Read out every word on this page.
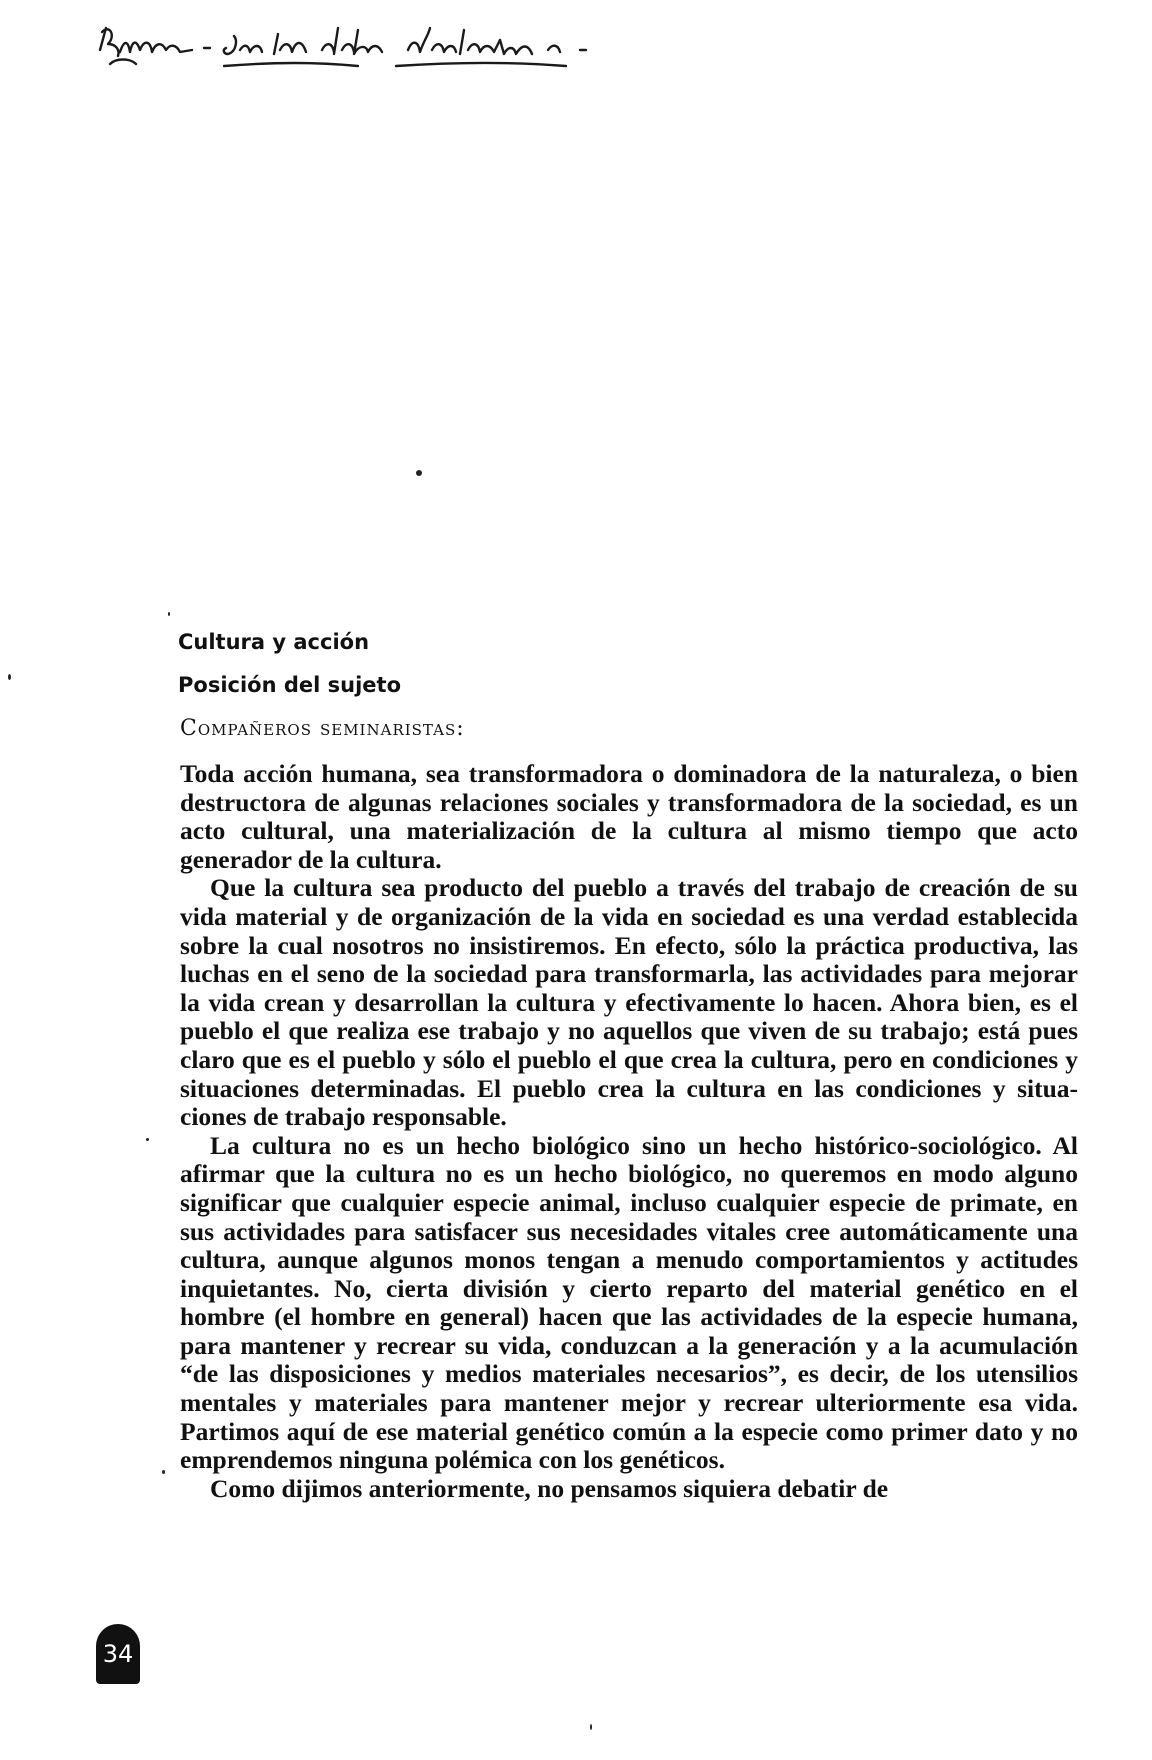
Cultura y acción
Posición del sujeto

Compañeros seminaristas:

Toda acción humana, sea transformadora o dominadora de la naturaleza, o bien destructora de algunas relaciones sociales y transformadora de la sociedad, es un acto cultural, una materialización de la cultura al mismo tiempo que acto generador de la cultura.

Que la cultura sea producto del pueblo a través del trabajo de creación de su vida material y de organización de la vida en sociedad es una verdad establecida sobre la cual nosotros no insistiremos. En efecto, sólo la práctica productiva, las luchas en el seno de la sociedad para transformarla, las actividades para mejorar la vida crean y desarrollan la cultura y efectivamente lo hacen. Ahora bien, es el pueblo el que realiza ese trabajo y no aquellos que viven de su trabajo; está pues claro que es el pueblo y sólo el pueblo el que crea la cultura, pero en condiciones y situaciones determinadas. El pueblo crea la cultura en las condiciones y situaciones de trabajo responsable.

La cultura no es un hecho biológico sino un hecho histórico-sociológico. Al afirmar que la cultura no es un hecho biológico, no queremos en modo alguno significar que cualquier especie animal, incluso cualquier especie de primate, en sus actividades para satisfacer sus necesidades vitales cree automáticamente una cultura, aunque algunos monos tengan a menudo comportamientos y actitudes inquietantes. No, cierta división y cierto reparto del material genético en el hombre (el hombre en general) hacen que las actividades de la especie humana, para mantener y recrear su vida, conduzcan a la generación y a la acumulación “de las disposiciones y medios materiales necesarios”, es decir, de los utensilios mentales y materiales para mantener mejor y recrear ulteriormente esa vida. Partimos aquí de ese material genético común a la especie como primer dato y no emprendemos ninguna polémica con los genéticos.

Como dijimos anteriormente, no pensamos siquiera debatir de

34
